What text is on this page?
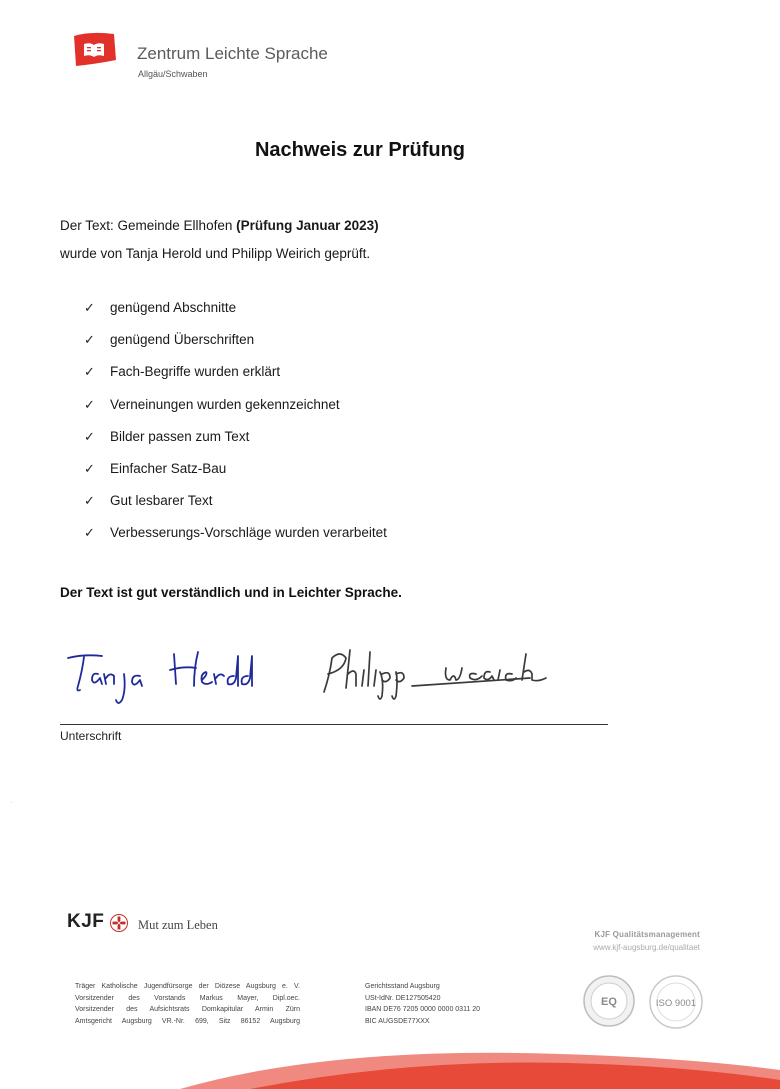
Zentrum Leichte Sprache
Allgäu/Schwaben
Nachweis zur Prüfung
Der Text: Gemeinde Ellhofen (Prüfung Januar 2023)
wurde von Tanja Herold und Philipp Weirich geprüft.
✓	genügend Abschnitte
✓	genügend Überschriften
✓	Fach-Begriffe wurden erklärt
✓	Verneinungen wurden gekennzeichnet
✓	Bilder passen zum Text
✓	Einfacher Satz-Bau
✓	Gut lesbarer Text
✓	Verbesserungs-Vorschläge wurden verarbeitet
Der Text ist gut verständlich und in Leichter Sprache.
Unterschrift
·
KJF	Mut zum Leben
KJF Qualitätsmanagement
www.kjf-augsburg.de/qualitaet
Träger Katholische Jugendfürsorge der Diözese Augsburg e. V.
Vorsitzender des Vorstands Markus Mayer, Dipl.oec.
Vorsitzender des Aufsichtsrats Domkapitular Armin Zürn
Amtsgericht Augsburg VR.-Nr. 699, Sitz 86152 Augsburg
Gerichtsstand Augsburg
USt-IdNr. DE127505420
IBAN DE76 7205 0000 0000 0311 20
BIC AUGSDE77XXX
EQ	ISO 9001
